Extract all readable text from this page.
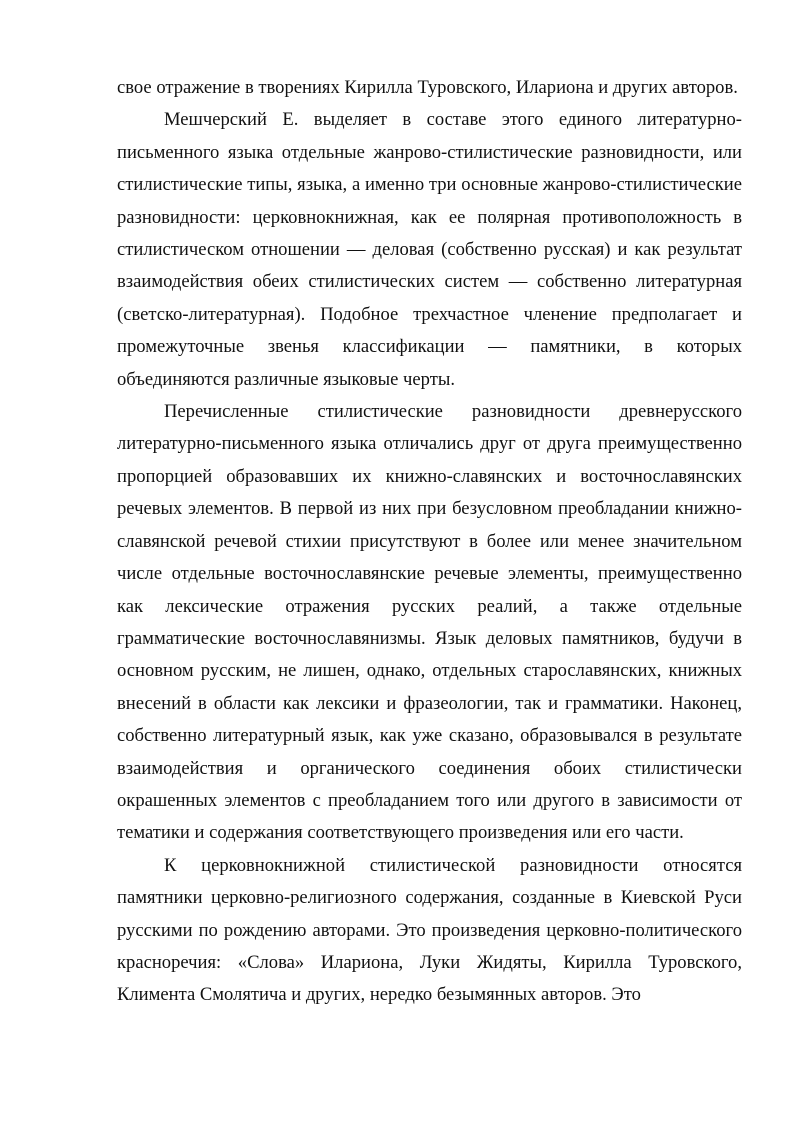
свое отражение в творениях Кирилла Туровского, Илариона и других авторов.

Мешчерский Е. выделяет в составе этого единого литературно-письменного языка отдельные жанрово-стилистические разновидности, или стилистические типы, языка, а именно три основные жанрово-стилистические разновидности: церковнокнижная, как ее полярная противоположность в стилистическом отношении — деловая (собственно русская) и как результат взаимодействия обеих стилистических систем — собственно литературная (светско-литературная). Подобное трехчастное членение предполагает и промежуточные звенья классификации — памятники, в которых объединяются различные языковые черты.

Перечисленные стилистические разновидности древнерусского литературно-письменного языка отличались друг от друга преимущественно пропорцией образовавших их книжно-славянских и восточнославянских речевых элементов. В первой из них при безусловном преобладании книжно-славянской речевой стихии присутствуют в более или менее значительном числе отдельные восточнославянские речевые элементы, преимущественно как лексические отражения русских реалий, а также отдельные грамматические восточнославянизмы. Язык деловых памятников, будучи в основном русским, не лишен, однако, отдельных старославянских, книжных внесений в области как лексики и фразеологии, так и грамматики. Наконец, собственно литературный язык, как уже сказано, образовывался в результате взаимодействия и органического соединения обоих стилистически окрашенных элементов с преобладанием того или другого в зависимости от тематики и содержания соответствующего произведения или его части.

К церковнокнижной стилистической разновидности относятся памятники церковно-религиозного содержания, созданные в Киевской Руси русскими по рождению авторами. Это произведения церковно-политического красноречия: «Слова» Илариона, Луки Жидяты, Кирилла Туровского, Климента Смолятича и других, нередко безымянных авторов. Это
